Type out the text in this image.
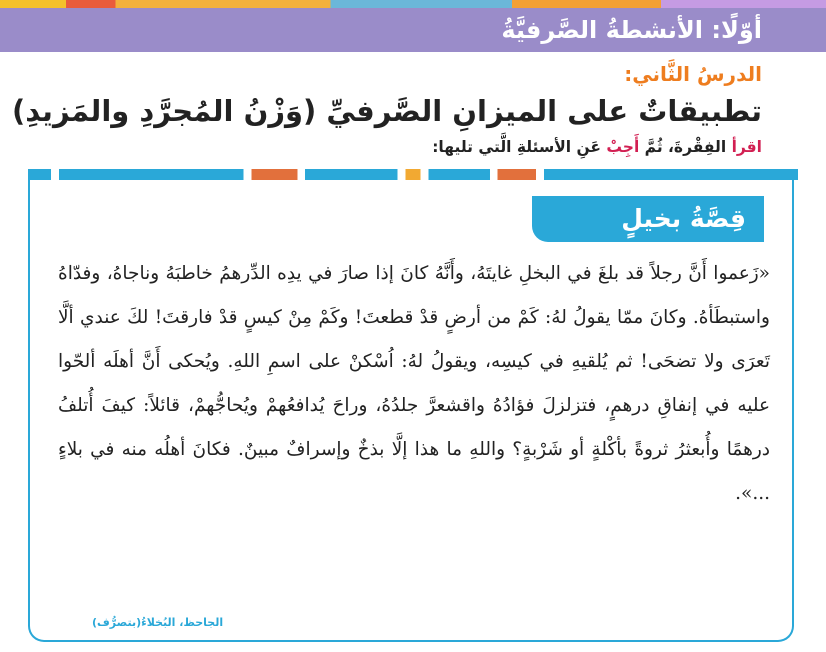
أوّلًا: الأنشطةُ الصَّرفيَّةُ
الدرسُ الثَّاني:
تطبيقاتٌ على الميزانِ الصَّرفيِّ (وَزْنُ المُجرَّدِ والمَزيدِ)
اقرأ الفِقْرةَ، ثُمَّ أَجِبْ عَنِ الأسئلةِ الَّتي تليها:
قِصَّةُ بخيلٍ
«زَعموا أَنَّ رجلاً قد بلغَ في البخلِ غايتَهُ، وأَنَّهُ كانَ إذا صارَ في يدِه الدِّرهمُ خاطبَهُ وناجاهُ، وفدّاهُ واستبطَأهُ. وكانَ ممّا يقولُ لهُ: كَمْ من أرضٍ قدْ قطعتَ! وكَمْ مِنْ كيسٍ قدْ فارقتَ! لكَ عندي ألَّا تَعرَى ولا تضحَى! ثم يُلقيهِ في كيسِه، ويقولُ لهُ: اُسْكنْ على اسمِ اللهِ. ويُحكى أَنَّ أهلَه ألحّوا عليه في إنفاقِ درهمٍ، فتزلزلَ فؤادُهُ واقشعرَّ جلدُهُ، وراحَ يُدافعُهمْ ويُحاجُّهمْ، قائلاً: كيفَ أُتلفُ درهمًا وأُبعثرُ ثروةً بأكْلةٍ أو شَرْبةٍ؟ واللهِ ما هذا إلَّا بذخٌ وإسرافٌ مبينٌ. فكانَ أهلُه منه في بلاءٍ ...».
الجاحظ، البُخلاءُ(بتصرُّف)
